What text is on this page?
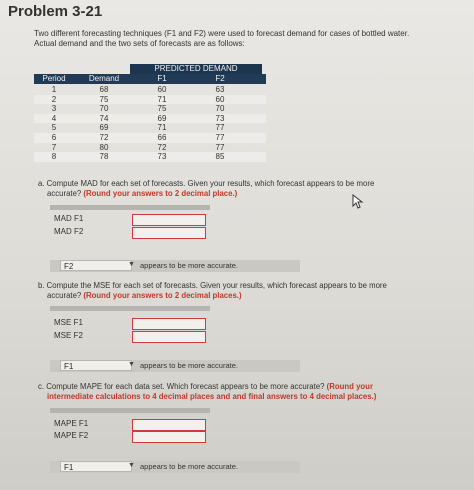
Problem 3-21
Two different forecasting techniques (F1 and F2) were used to forecast demand for cases of bottled water.
Actual demand and the two sets of forecasts are as follows:
PREDICTED DEMAND
Period	Demand	F1	F2
1	68	60	63
2	75	71	60
3	70	75	70
4	74	69	73
5	69	71	77
6	72	66	77
7	80	72	77
8	78	73	85
a. Compute MAD for each set of forecasts. Given your results, which forecast appears to be more
accurate? (Round your answers to 2 decimal place.)
MAD F1
MAD F2
F2	▼ appears to be more accurate.
b. Compute the MSE for each set of forecasts. Given your results, which forecast appears to be more
accurate? (Round your answers to 2 decimal places.)
MSE F1
MSE F2
F1	▼ appears to be more accurate.
c. Compute MAPE for each data set. Which forecast appears to be more accurate? (Round your
intermediate calculations to 4 decimal places and and final answers to 4 decimal places.)
MAPE F1
MAPE F2
F1	▼ appears to be more accurate.
